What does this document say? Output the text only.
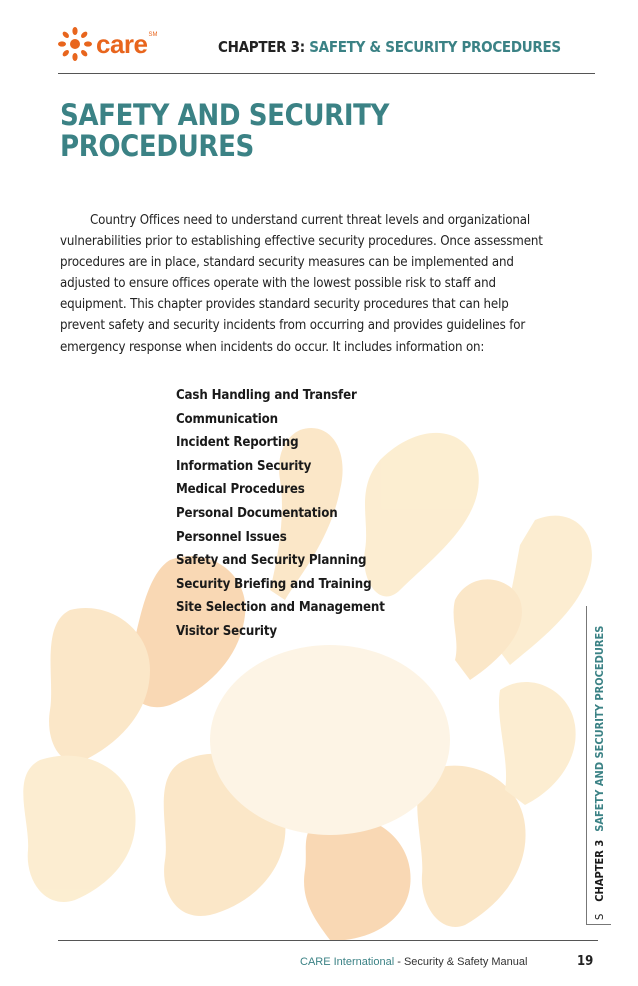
care SM
CHAPTER 3: SAFETY & SECURITY PROCEDURES
SAFETY AND SECURITY PROCEDURES

Country Offices need to understand current threat levels and organizational vulnerabilities prior to establishing effective security procedures. Once assessment procedures are in place, standard security measures can be implemented and adjusted to ensure offices operate with the lowest possible risk to staff and equipment. This chapter provides standard security procedures that can help prevent safety and security incidents from occurring and provides guidelines for emergency response when incidents do occur. It includes information on:

Cash Handling and Transfer
Communication
Incident Reporting
Information Security
Medical Procedures
Personal Documentation
Personnel Issues
Safety and Security Planning
Security Briefing and Training
Site Selection and Management
Visitor Security
S
CHAPTER 3
SAFETY AND SECURITY PROCEDURES
CARE International - Security & Safety Manual	19
